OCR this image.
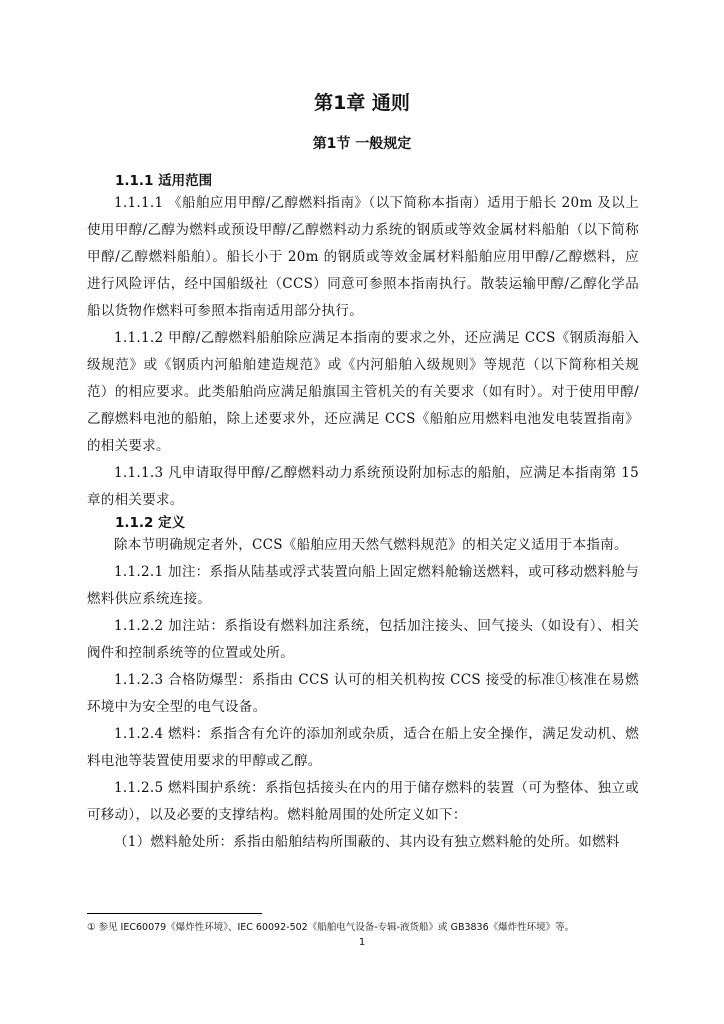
第1章 通则
第1节 一般规定
1.1.1 适用范围

1.1.1.1 《船舶应用甲醇/乙醇燃料指南》（以下简称本指南）适用于船长 20m 及以上使用甲醇/乙醇为燃料或预设甲醇/乙醇燃料动力系统的钢质或等效金属材料船舶（以下简称甲醇/乙醇燃料船舶）。船长小于 20m 的钢质或等效金属材料船舶应用甲醇/乙醇燃料，应进行风险评估，经中国船级社（CCS）同意可参照本指南执行。散装运输甲醇/乙醇化学品船以货物作燃料可参照本指南适用部分执行。

1.1.1.2 甲醇/乙醇燃料船舶除应满足本指南的要求之外，还应满足 CCS《钢质海船入级规范》或《钢质内河船舶建造规范》或《内河船舶入级规则》等规范（以下简称相关规范）的相应要求。此类船舶尚应满足船旗国主管机关的有关要求（如有时）。对于使用甲醇/乙醇燃料电池的船舶，除上述要求外，还应满足 CCS《船舶应用燃料电池发电装置指南》的相关要求。

1.1.1.3 凡申请取得甲醇/乙醇燃料动力系统预设附加标志的船舶，应满足本指南第 15 章的相关要求。

1.1.2 定义

除本节明确规定者外，CCS《船舶应用天然气燃料规范》的相关定义适用于本指南。

1.1.2.1 加注：系指从陆基或浮式装置向船上固定燃料舱输送燃料，或可移动燃料舱与燃料供应系统连接。

1.1.2.2 加注站：系指设有燃料加注系统，包括加注接头、回气接头（如设有）、相关阀件和控制系统等的位置或处所。

1.1.2.3 合格防爆型：系指由 CCS 认可的相关机构按 CCS 接受的标准①核准在易燃环境中为安全型的电气设备。

1.1.2.4 燃料：系指含有允许的添加剂或杂质，适合在船上安全操作，满足发动机、燃料电池等装置使用要求的甲醇或乙醇。

1.1.2.5 燃料围护系统：系指包括接头在内的用于储存燃料的装置（可为整体、独立或可移动），以及必要的支撑结构。燃料舱周围的处所定义如下：

（1）燃料舱处所：系指由船舶结构所围蔽的、其内设有独立燃料舱的处所。如燃料

① 参见 IEC60079《爆炸性环境》、IEC 60092-502《船舶电气设备-专辑-液货船》或 GB3836《爆炸性环境》等。
1
